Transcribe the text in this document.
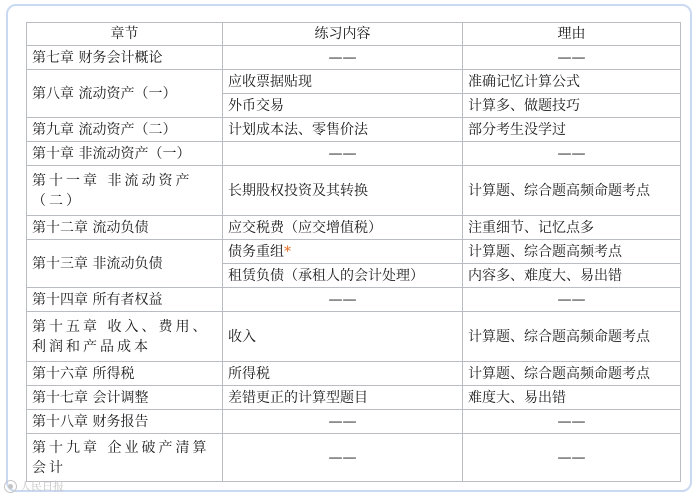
章节	练习内容	理由
第七章 财务会计概论	——	——
第八章 流动资产（一）	应收票据贴现	准确记忆计算公式
	外币交易	计算多、做题技巧
第九章 流动资产（二）	计划成本法、零售价法	部分考生没学过
第十章 非流动资产（一）	——	——
第十一章 非流动资产（二）	长期股权投资及其转换	计算题、综合题高频命题考点
第十二章 流动负债	应交税费（应交增值税）	注重细节、记忆点多
第十三章 非流动负债	债务重组*	计算题、综合题高频考点
	租赁负债（承租人的会计处理）	内容多、难度大、易出错
第十四章 所有者权益	——	——
第十五章 收入、费用、利润和产品成本	收入	计算题、综合题高频命题考点
第十六章 所得税	所得税	计算题、综合题高频命题考点
第十七章 会计调整	差错更正的计算型题目	难度大、易出错
第十八章 财务报告	——	——
第十九章 企业破产清算会计	——	——
人民日报
